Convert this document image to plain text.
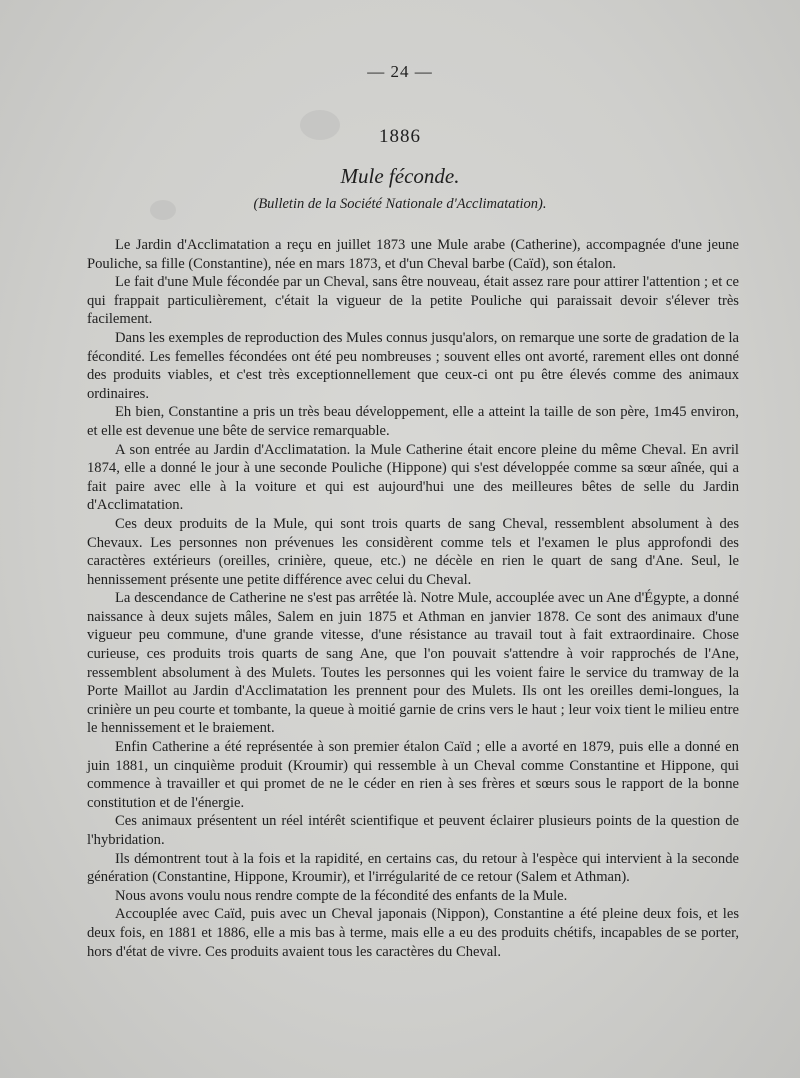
— 24 —
1886
Mule féconde.
(Bulletin de la Société Nationale d'Acclimatation).

Le Jardin d'Acclimatation a reçu en juillet 1873 une Mule arabe (Catherine), accompagnée d'une jeune Pouliche, sa fille (Constantine), née en mars 1873, et d'un Cheval barbe (Caïd), son étalon.

Le fait d'une Mule fécondée par un Cheval, sans être nouveau, était assez rare pour attirer l'attention ; et ce qui frappait particulièrement, c'était la vigueur de la petite Pouliche qui paraissait devoir s'élever très facilement.

Dans les exemples de reproduction des Mules connus jusqu'alors, on remarque une sorte de gradation de la fécondité. Les femelles fécondées ont été peu nombreuses ; souvent elles ont avorté, rarement elles ont donné des produits viables, et c'est très exceptionnellement que ceux-ci ont pu être élevés comme des animaux ordinaires.

Eh bien, Constantine a pris un très beau développement, elle a atteint la taille de son père, 1m45 environ, et elle est devenue une bête de service remarquable.

A son entrée au Jardin d'Acclimatation. la Mule Catherine était encore pleine du même Cheval. En avril 1874, elle a donné le jour à une seconde Pouliche (Hippone) qui s'est développée comme sa sœur aînée, qui a fait paire avec elle à la voiture et qui est aujourd'hui une des meilleures bêtes de selle du Jardin d'Acclimatation.

Ces deux produits de la Mule, qui sont trois quarts de sang Cheval, ressemblent absolument à des Chevaux. Les personnes non prévenues les considèrent comme tels et l'examen le plus approfondi des caractères extérieurs (oreilles, crinière, queue, etc.) ne décèle en rien le quart de sang d'Ane. Seul, le hennissement présente une petite différence avec celui du Cheval.

La descendance de Catherine ne s'est pas arrêtée là. Notre Mule, accouplée avec un Ane d'Égypte, a donné naissance à deux sujets mâles, Salem en juin 1875 et Athman en janvier 1878. Ce sont des animaux d'une vigueur peu commune, d'une grande vitesse, d'une résistance au travail tout à fait extraordinaire. Chose curieuse, ces produits trois quarts de sang Ane, que l'on pouvait s'attendre à voir rapprochés de l'Ane, ressemblent absolument à des Mulets. Toutes les personnes qui les voient faire le service du tramway de la Porte Maillot au Jardin d'Acclimatation les prennent pour des Mulets. Ils ont les oreilles demi-longues, la crinière un peu courte et tombante, la queue à moitié garnie de crins vers le haut ; leur voix tient le milieu entre le hennissement et le braiement.

Enfin Catherine a été représentée à son premier étalon Caïd ; elle a avorté en 1879, puis elle a donné en juin 1881, un cinquième produit (Kroumir) qui ressemble à un Cheval comme Constantine et Hippone, qui commence à travailler et qui promet de ne le céder en rien à ses frères et sœurs sous le rapport de la bonne constitution et de l'énergie.

Ces animaux présentent un réel intérêt scientifique et peuvent éclairer plusieurs points de la question de l'hybridation.

Ils démontrent tout à la fois et la rapidité, en certains cas, du retour à l'espèce qui intervient à la seconde génération (Constantine, Hippone, Kroumir), et l'irrégularité de ce retour (Salem et Athman).

Nous avons voulu nous rendre compte de la fécondité des enfants de la Mule.

Accouplée avec Caïd, puis avec un Cheval japonais (Nippon), Constantine a été pleine deux fois, et les deux fois, en 1881 et 1886, elle a mis bas à terme, mais elle a eu des produits chétifs, incapables de se porter, hors d'état de vivre. Ces produits avaient tous les caractères du Cheval.
